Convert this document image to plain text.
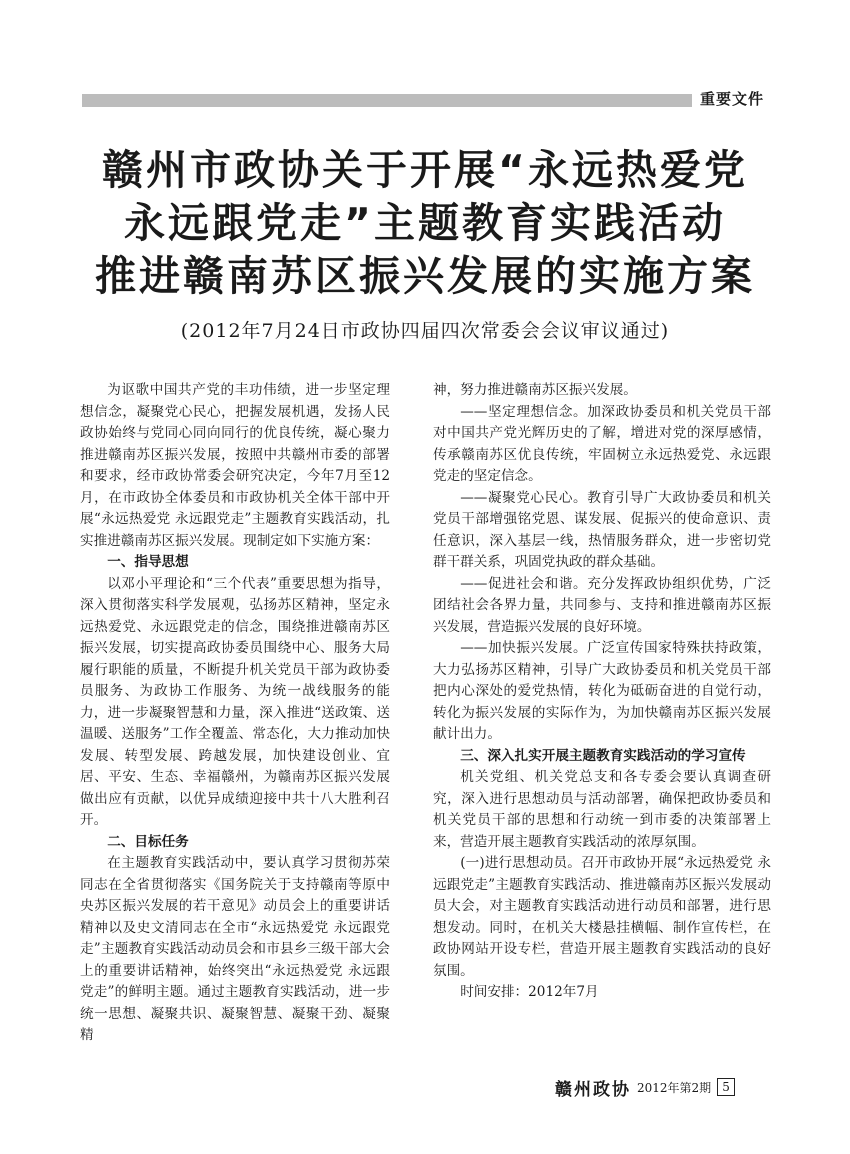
重要文件
赣州市政协关于开展“永远热爱党
永远跟党走”主题教育实践活动
推进赣南苏区振兴发展的实施方案
(2012年7月24日市政协四届四次常委会会议审议通过)

为讴歌中国共产党的丰功伟绩，进一步坚定理想信念，凝聚党心民心，把握发展机遇，发扬人民政协始终与党同心同向同行的优良传统，凝心聚力推进赣南苏区振兴发展，按照中共赣州市委的部署和要求，经市政协常委会研究决定，今年7月至12月，在市政协全体委员和市政协机关全体干部中开展“永远热爱党 永远跟党走”主题教育实践活动，扎实推进赣南苏区振兴发展。现制定如下实施方案：

一、指导思想

以邓小平理论和“三个代表”重要思想为指导，深入贯彻落实科学发展观，弘扬苏区精神，坚定永远热爱党、永远跟党走的信念，围绕推进赣南苏区振兴发展，切实提高政协委员围绕中心、服务大局履行职能的质量，不断提升机关党员干部为政协委员服务、为政协工作服务、为统一战线服务的能力，进一步凝聚智慧和力量，深入推进“送政策、送温暖、送服务”工作全覆盖、常态化，大力推动加快发展、转型发展、跨越发展，加快建设创业、宜居、平安、生态、幸福赣州，为赣南苏区振兴发展做出应有贡献，以优异成绩迎接中共十八大胜利召开。

二、目标任务

在主题教育实践活动中，要认真学习贯彻苏荣同志在全省贯彻落实《国务院关于支持赣南等原中央苏区振兴发展的若干意见》动员会上的重要讲话精神以及史文清同志在全市“永远热爱党 永远跟党走”主题教育实践活动动员会和市县乡三级干部大会上的重要讲话精神，始终突出“永远热爱党 永远跟党走”的鲜明主题。通过主题教育实践活动，进一步统一思想、凝聚共识、凝聚智慧、凝聚干劲、凝聚精

神，努力推进赣南苏区振兴发展。

——坚定理想信念。加深政协委员和机关党员干部对中国共产党光辉历史的了解，增进对党的深厚感情，传承赣南苏区优良传统，牢固树立永远热爱党、永远跟党走的坚定信念。

——凝聚党心民心。教育引导广大政协委员和机关党员干部增强铭党恩、谋发展、促振兴的使命意识、责任意识，深入基层一线，热情服务群众，进一步密切党群干群关系，巩固党执政的群众基础。

——促进社会和谐。充分发挥政协组织优势，广泛团结社会各界力量，共同参与、支持和推进赣南苏区振兴发展，营造振兴发展的良好环境。

——加快振兴发展。广泛宣传国家特殊扶持政策，大力弘扬苏区精神，引导广大政协委员和机关党员干部把内心深处的爱党热情，转化为砥砺奋进的自觉行动，转化为振兴发展的实际作为，为加快赣南苏区振兴发展献计出力。

三、深入扎实开展主题教育实践活动的学习宣传

机关党组、机关党总支和各专委会要认真调查研究，深入进行思想动员与活动部署，确保把政协委员和机关党员干部的思想和行动统一到市委的决策部署上来，营造开展主题教育实践活动的浓厚氛围。

(一)进行思想动员。召开市政协开展“永远热爱党 永远跟党走”主题教育实践活动、推进赣南苏区振兴发展动员大会，对主题教育实践活动进行动员和部署，进行思想发动。同时，在机关大楼悬挂横幅、制作宣传栏，在政协网站开设专栏，营造开展主题教育实践活动的良好氛围。

时间安排：2012年7月

赣州政协 2012年第2期 5
